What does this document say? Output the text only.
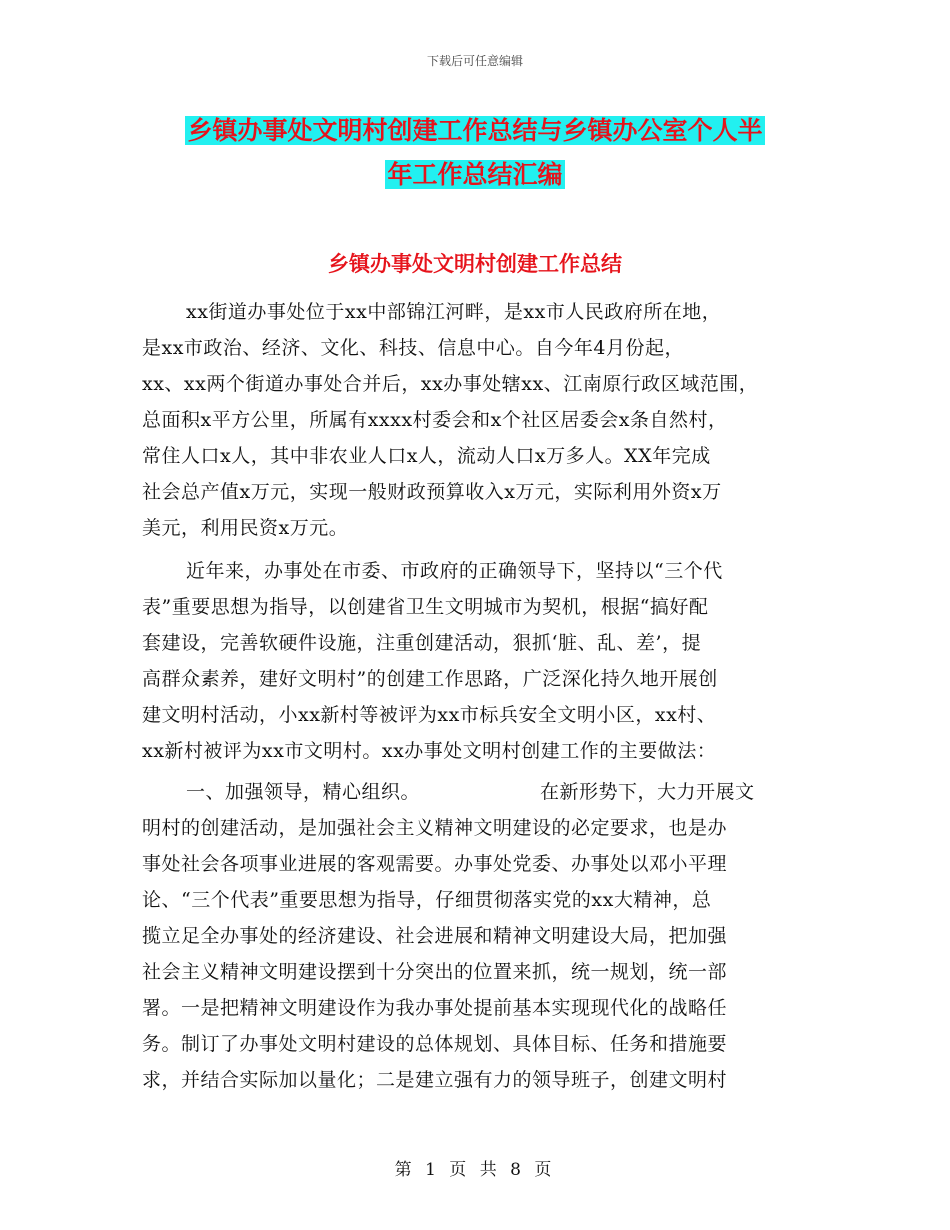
下载后可任意编辑
乡镇办事处文明村创建工作总结与乡镇办公室个人半
年工作总结汇编
乡镇办事处文明村创建工作总结
xx街道办事处位于xx中部锦江河畔，是xx市人民政府所在地，
是xx市政治、经济、文化、科技、信息中心。自今年4月份起，
xx、xx两个街道办事处合并后，xx办事处辖xx、江南原行政区域范围，
总面积x平方公里，所属有xxxx村委会和x个社区居委会x条自然村，
常住人口x人，其中非农业人口x人，流动人口x万多人。XX年完成
社会总产值x万元，实现一般财政预算收入x万元，实际利用外资x万
美元，利用民资x万元。
近年来，办事处在市委、市政府的正确领导下，坚持以“三个代
表”重要思想为指导，以创建省卫生文明城市为契机，根据“搞好配
套建设，完善软硬件设施，注重创建活动，狠抓‘脏、乱、差’，提
高群众素养，建好文明村”的创建工作思路，广泛深化持久地开展创
建文明村活动，小xx新村等被评为xx市标兵安全文明小区，xx村、
xx新村被评为xx市文明村。xx办事处文明村创建工作的主要做法：
一、加强领导，精心组织。	在新形势下，大力开展文
明村的创建活动，是加强社会主义精神文明建设的必定要求，也是办
事处社会各项事业进展的客观需要。办事处党委、办事处以邓小平理
论、“三个代表”重要思想为指导，仔细贯彻落实党的xx大精神，总
揽立足全办事处的经济建设、社会进展和精神文明建设大局，把加强
社会主义精神文明建设摆到十分突出的位置来抓，统一规划，统一部
署。一是把精神文明建设作为我办事处提前基本实现现代化的战略任
务。制订了办事处文明村建设的总体规划、具体目标、任务和措施要
求，并结合实际加以量化；二是建立强有力的领导班子，创建文明村
第 1 页 共 8 页
